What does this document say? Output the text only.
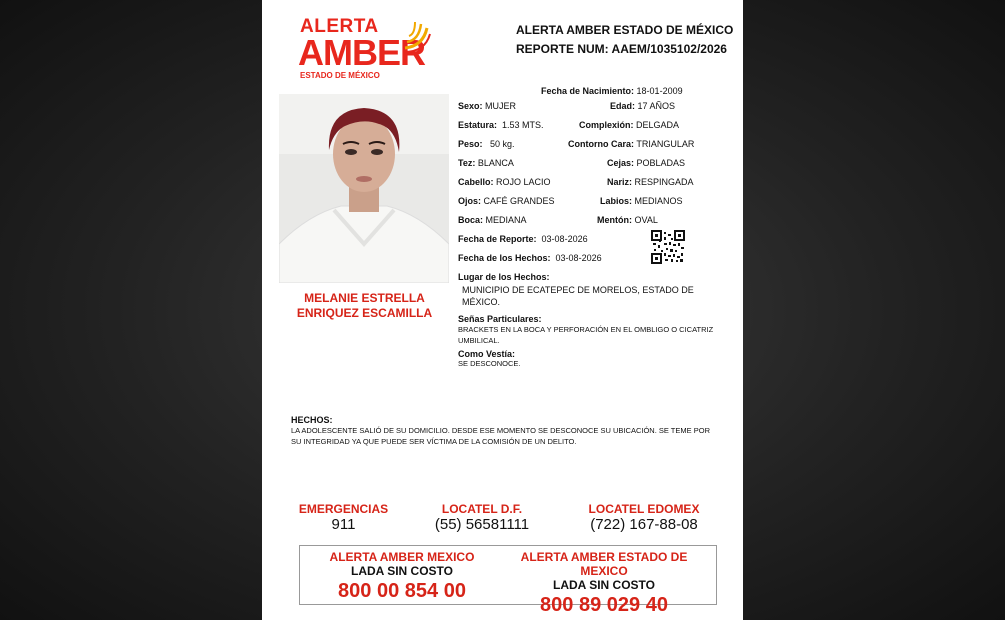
ALERTA
AMBER
ESTADO DE MÉXICO
ALERTA AMBER ESTADO DE MÉXICO
REPORTE NUM: AAEM/1035102/2026
MELANIE ESTRELLA
ENRIQUEZ ESCAMILLA
Fecha de Nacimiento: 18-01-2009
Sexo: MUJER	Edad: 17 AÑOS
Estatura: 1.53 MTS.	Complexión: DELGADA
Peso: 50 kg.	Contorno Cara: TRIANGULAR
Tez: BLANCA	Cejas: POBLADAS
Cabello: ROJO LACIO	Nariz: RESPINGADA
Ojos: CAFÉ GRANDES	Labios: MEDIANOS
Boca: MEDIANA	Mentón: OVAL
Fecha de Reporte: 03-08-2026
Fecha de los Hechos: 03-08-2026
Lugar de los Hechos:
MUNICIPIO DE ECATEPEC DE MORELOS, ESTADO DE
MÉXICO.
Señas Particulares:
BRACKETS EN LA BOCA Y PERFORACIÓN EN EL OMBLIGO O CICATRIZ
UMBILICAL.
Como Vestía:
SE DESCONOCE.
HECHOS:
LA ADOLESCENTE SALIÓ DE SU DOMICILIO. DESDE ESE MOMENTO SE DESCONOCE SU UBICACIÓN. SE TEME POR
SU INTEGRIDAD YA QUE PUEDE SER VÍCTIMA DE LA COMISIÓN DE UN DELITO.
EMERGENCIAS
911
LOCATEL D.F.
(55) 56581111
LOCATEL EDOMEX
(722) 167-88-08
ALERTA AMBER MEXICO
LADA SIN COSTO
800 00 854 00
ALERTA AMBER ESTADO DE MEXICO
LADA SIN COSTO
800 89 029 40
